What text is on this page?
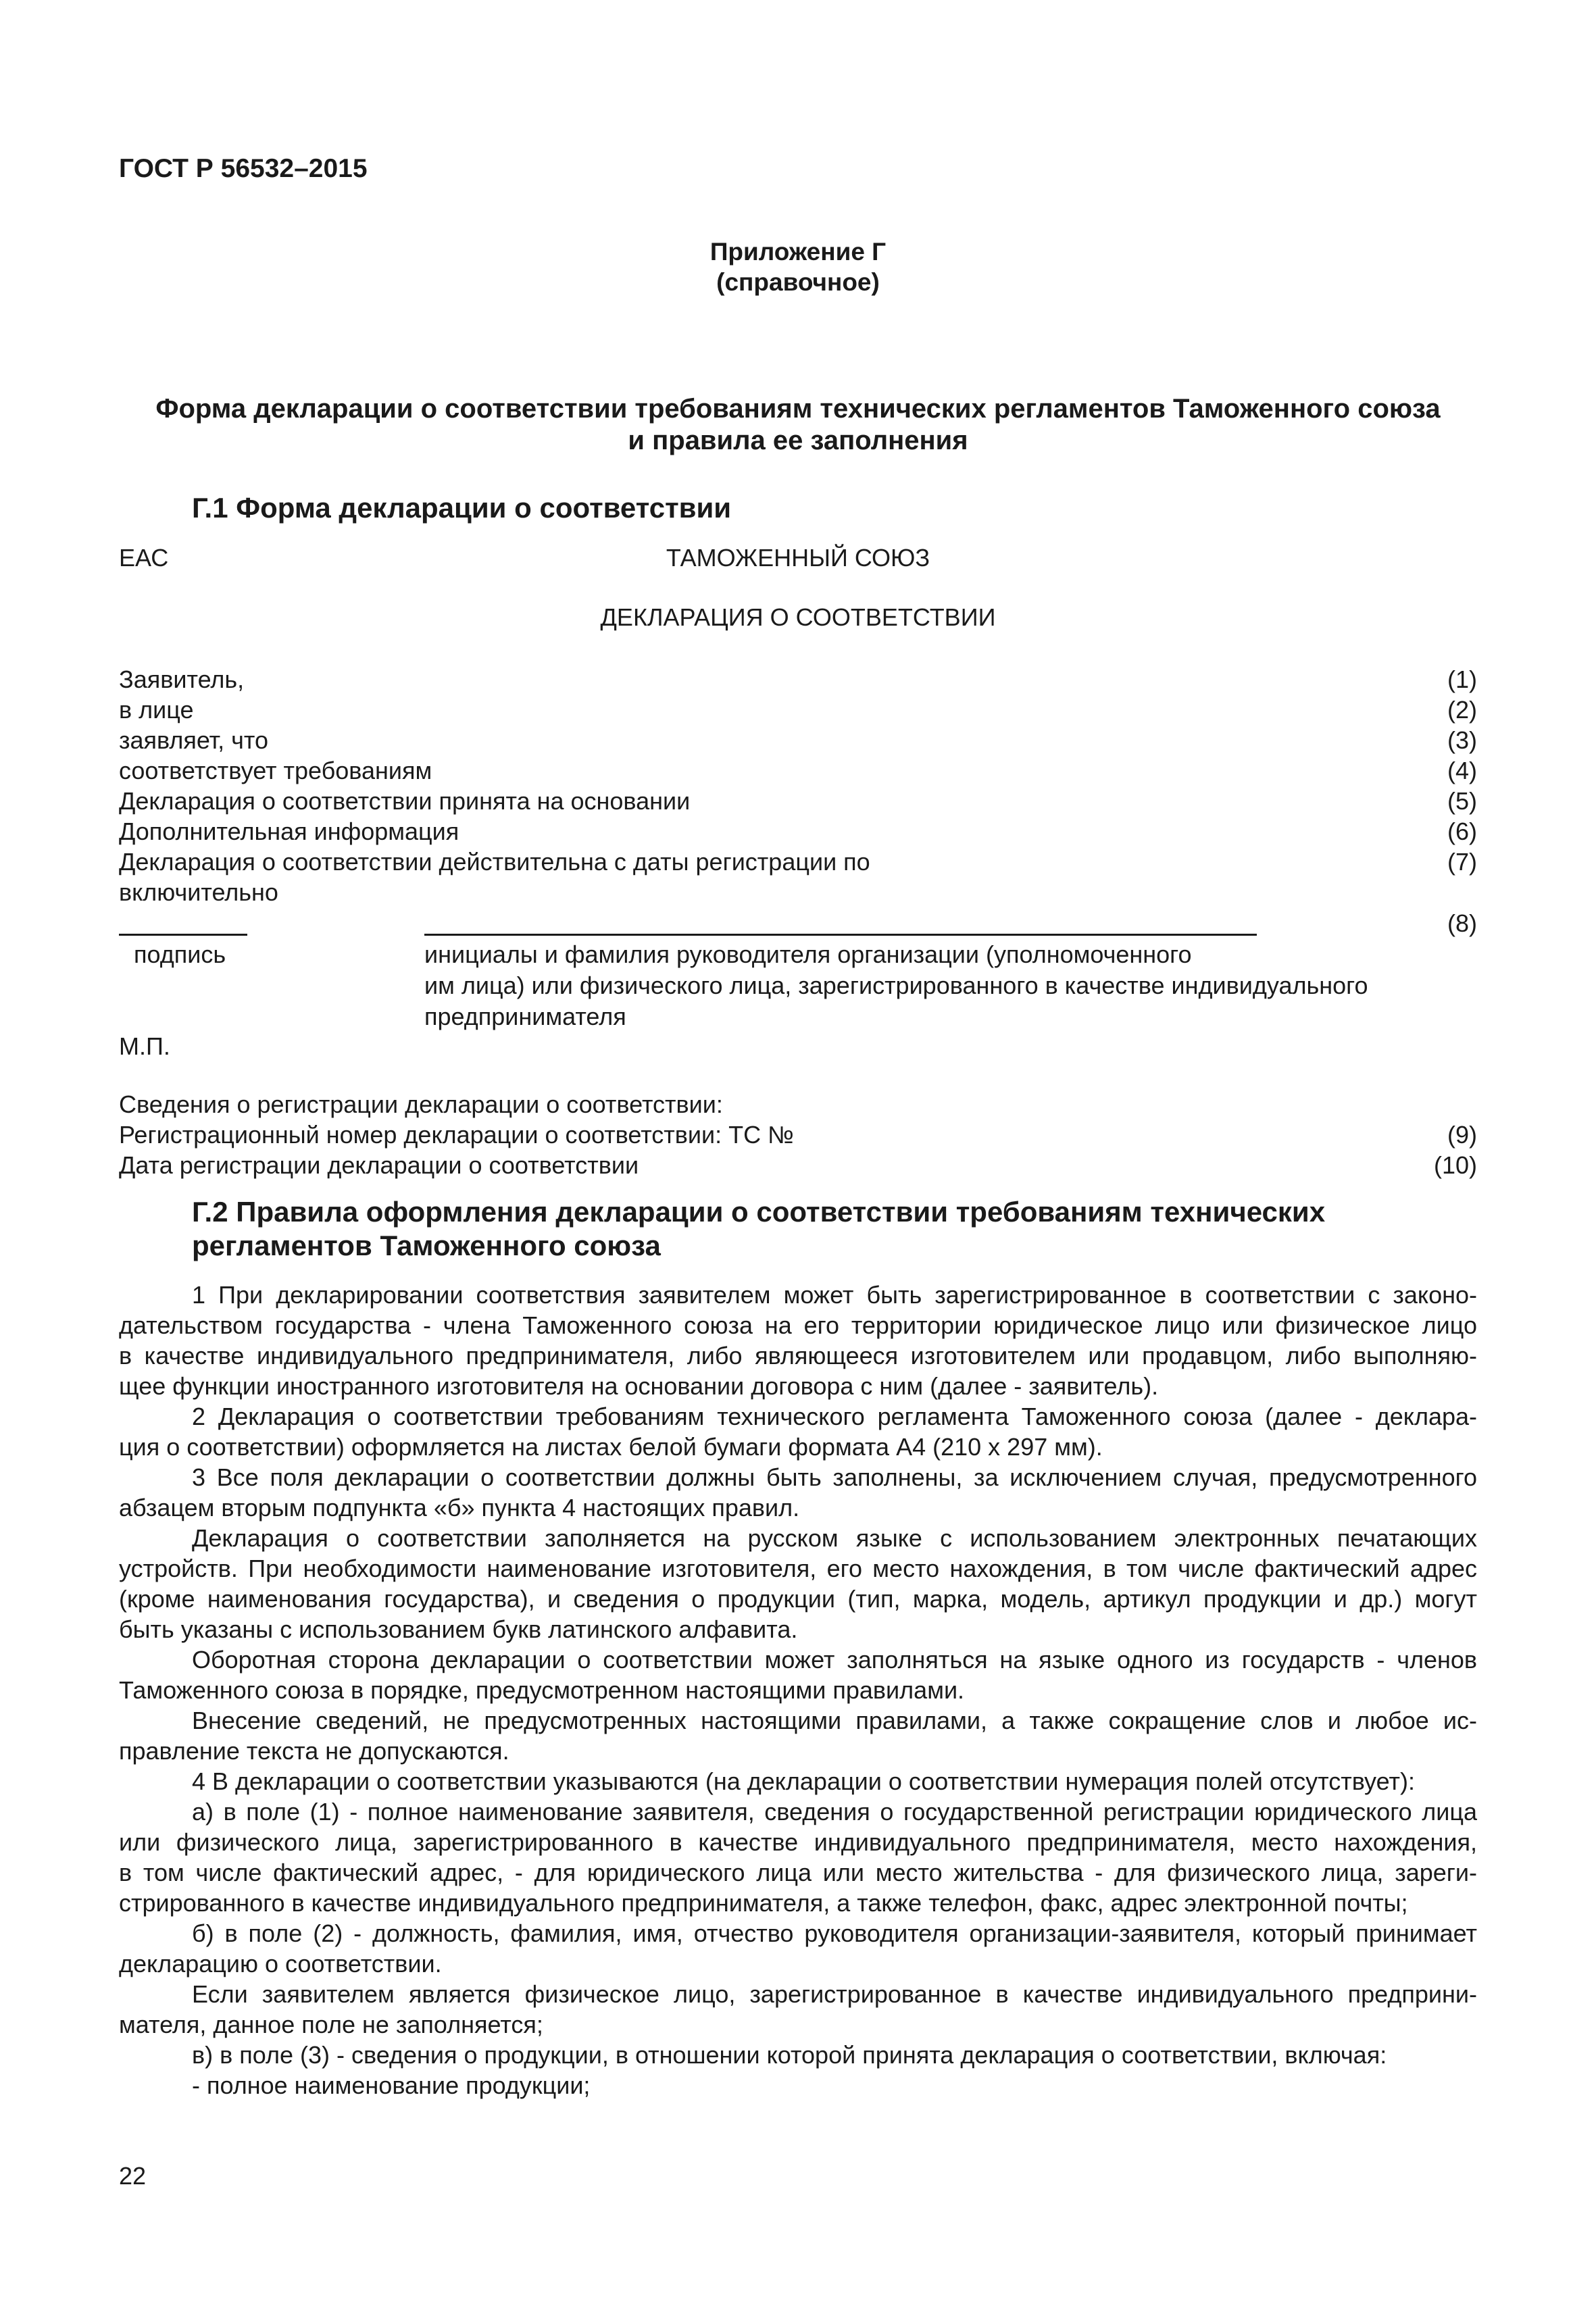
ГОСТ Р 56532–2015
Приложение Г
(справочное)
Форма декларации о соответствии требованиям технических регламентов Таможенного союза
и правила ее заполнения
Г.1 Форма декларации о соответствии
ЕАС	ТАМОЖЕННЫЙ СОЮЗ
ДЕКЛАРАЦИЯ О СООТВЕТСТВИИ
Заявитель,	(1)
в лице	(2)
заявляет, что	(3)
соответствует требованиям	(4)
Декларация о соответствии принята на основании	(5)
Дополнительная информация	(6)
Декларация о соответствии действительна с даты регистрации по	(7)
включительно
(8)
подпись	инициалы и фамилия руководителя организации (уполномоченного
им лица) или физического лица, зарегистрированного в качестве индивидуального
предпринимателя
М.П.
Сведения о регистрации декларации о соответствии:
Регистрационный номер декларации о соответствии: ТС №	(9)
Дата регистрации декларации о соответствии	(10)
Г.2 Правила оформления декларации о соответствии требованиям технических
регламентов Таможенного союза
1 При декларировании соответствия заявителем может быть зарегистрированное в соответствии с законо-
дательством государства - члена Таможенного союза на его территории юридическое лицо или физическое лицо
в качестве индивидуального предпринимателя, либо являющееся изготовителем или продавцом, либо выполняю-
щее функции иностранного изготовителя на основании договора с ним (далее - заявитель).
2 Декларация о соответствии требованиям технического регламента Таможенного союза (далее - деклара-
ция о соответствии) оформляется на листах белой бумаги формата А4 (210 х 297 мм).
3 Все поля декларации о соответствии должны быть заполнены, за исключением случая, предусмотренного
абзацем вторым подпункта «б» пункта 4 настоящих правил.
Декларация о соответствии заполняется на русском языке с использованием электронных печатающих
устройств. При необходимости наименование изготовителя, его место нахождения, в том числе фактический адрес
(кроме наименования государства), и сведения о продукции (тип, марка, модель, артикул продукции и др.) могут
быть указаны с использованием букв латинского алфавита.
Оборотная сторона декларации о соответствии может заполняться на языке одного из государств - членов
Таможенного союза в порядке, предусмотренном настоящими правилами.
Внесение сведений, не предусмотренных настоящими правилами, а также сокращение слов и любое ис-
правление текста не допускаются.
4 В декларации о соответствии указываются (на декларации о соответствии нумерация полей отсутствует):
а) в поле (1) - полное наименование заявителя, сведения о государственной регистрации юридического лица
или физического лица, зарегистрированного в качестве индивидуального предпринимателя, место нахождения,
в том числе фактический адрес, - для юридического лица или место жительства - для физического лица, зареги-
стрированного в качестве индивидуального предпринимателя, а также телефон, факс, адрес электронной почты;
б) в поле (2) - должность, фамилия, имя, отчество руководителя организации-заявителя, который принимает
декларацию о соответствии.
Если заявителем является физическое лицо, зарегистрированное в качестве индивидуального предприни-
мателя, данное поле не заполняется;
в) в поле (3) - сведения о продукции, в отношении которой принята декларация о соответствии, включая:
- полное наименование продукции;
22
